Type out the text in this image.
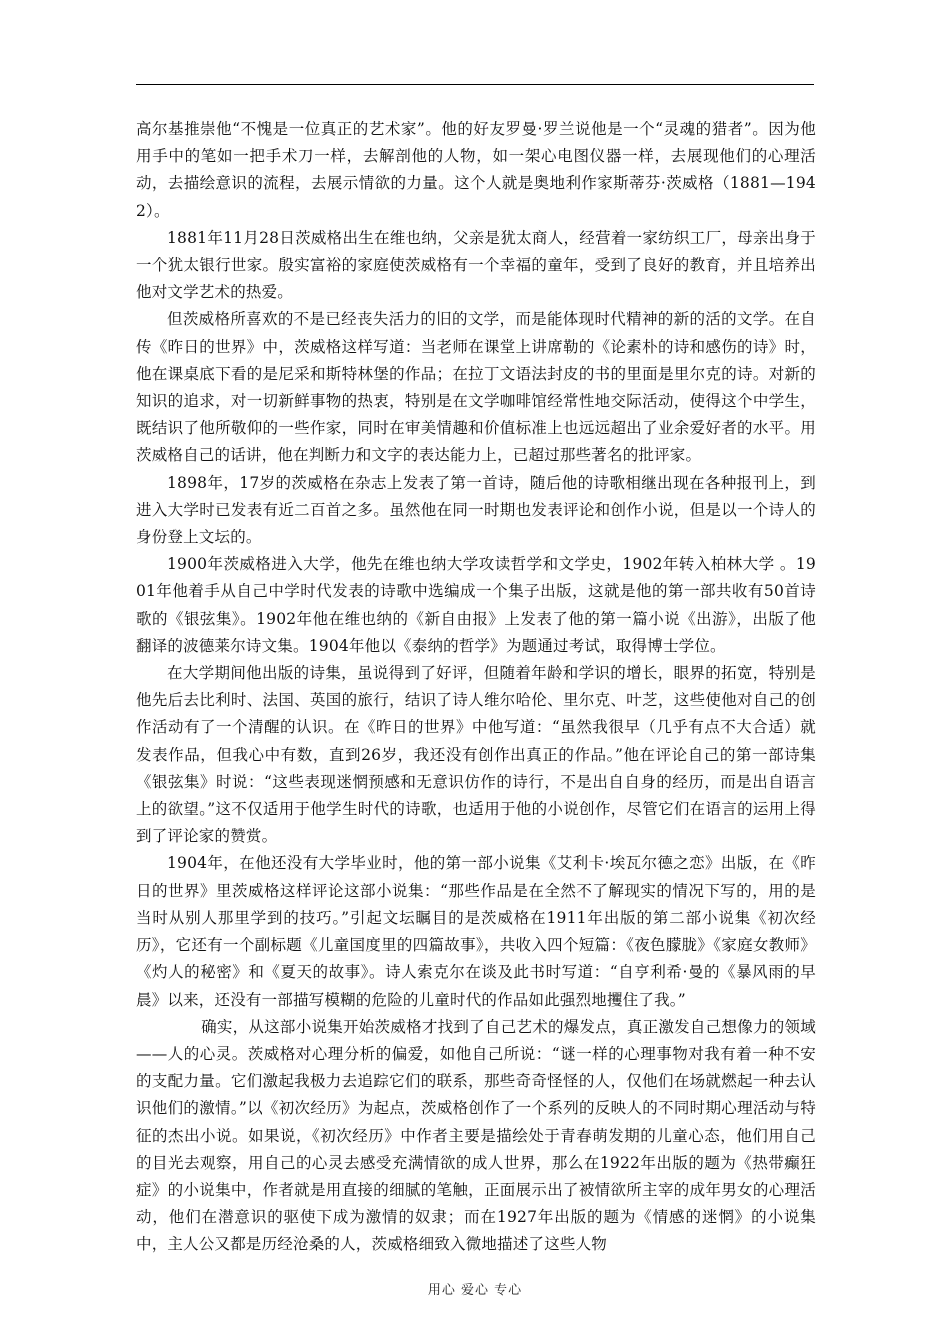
高尔基推崇他“不愧是一位真正的艺术家”。他的好友罗曼·罗兰说他是一个“灵魂的猎者”。因为他用手中的笔如一把手术刀一样，去解剖他的人物，如一架心电图仪器一样，去展现他们的心理活动，去描绘意识的流程，去展示情欲的力量。这个人就是奥地利作家斯蒂芬·茨威格（1881—1942）。

1881年11月28日茨威格出生在维也纳，父亲是犹太商人，经营着一家纺织工厂，母亲出身于一个犹太银行世家。殷实富裕的家庭使茨威格有一个幸福的童年，受到了良好的教育，并且培养出他对文学艺术的热爱。

但茨威格所喜欢的不是已经丧失活力的旧的文学，而是能体现时代精神的新的活的文学。在自传《昨日的世界》中，茨威格这样写道：当老师在课堂上讲席勒的《论素朴的诗和感伤的诗》时，他在课桌底下看的是尼采和斯特林堡的作品；在拉丁文语法封皮的书的里面是里尔克的诗。对新的知识的追求，对一切新鲜事物的热衷，特别是在文学咖啡馆经常性地交际活动，使得这个中学生，既结识了他所敬仰的一些作家，同时在审美情趣和价值标准上也远远超出了业余爱好者的水平。用茨威格自己的话讲，他在判断力和文字的表达能力上，已超过那些著名的批评家。

1898年，17岁的茨威格在杂志上发表了第一首诗，随后他的诗歌相继出现在各种报刊上，到进入大学时已发表有近二百首之多。虽然他在同一时期也发表评论和创作小说，但是以一个诗人的身份登上文坛的。

1900年茨威格进入大学，他先在维也纳大学攻读哲学和文学史，1902年转入柏林大学 。1901年他着手从自己中学时代发表的诗歌中选编成一个集子出版，这就是他的第一部共收有50首诗歌的《银弦集》。1902年他在维也纳的《新自由报》上发表了他的第一篇小说《出游》，出版了他翻译的波德莱尔诗文集。1904年他以《泰纳的哲学》为题通过考试，取得博士学位。

在大学期间他出版的诗集，虽说得到了好评，但随着年龄和学识的增长，眼界的拓宽，特别是他先后去比利时、法国、英国的旅行，结识了诗人维尔哈伦、里尔克、叶芝，这些使他对自己的创作活动有了一个清醒的认识。在《昨日的世界》中他写道：“虽然我很早（几乎有点不大合适）就发表作品，但我心中有数，直到26岁，我还没有创作出真正的作品。”他在评论自己的第一部诗集《银弦集》时说：“这些表现迷惘预感和无意识仿作的诗行，不是出自自身的经历，而是出自语言上的欲望。”这不仅适用于他学生时代的诗歌，也适用于他的小说创作，尽管它们在语言的运用上得到了评论家的赞赏。

1904年，在他还没有大学毕业时，他的第一部小说集《艾利卡·埃瓦尔德之恋》出版，在《昨日的世界》里茨威格这样评论这部小说集：“那些作品是在全然不了解现实的情况下写的，用的是当时从别人那里学到的技巧。”引起文坛瞩目的是茨威格在1911年出版的第二部小说集《初次经历》，它还有一个副标题《儿童国度里的四篇故事》，共收入四个短篇：《夜色朦胧》《家庭女教师》《灼人的秘密》和《夏天的故事》。诗人索克尔在谈及此书时写道：“自亨利希·曼的《暴风雨的早晨》以来，还没有一部描写模糊的危险的儿童时代的作品如此强烈地攫住了我。”

确实，从这部小说集开始茨威格才找到了自己艺术的爆发点，真正激发自己想像力的领域——人的心灵。茨威格对心理分析的偏爱，如他自己所说：“谜一样的心理事物对我有着一种不安的支配力量。它们激起我极力去追踪它们的联系，那些奇奇怪怪的人，仅他们在场就燃起一种去认识他们的激情。”以《初次经历》为起点，茨威格创作了一个系列的反映人的不同时期心理活动与特征的杰出小说。如果说，《初次经历》中作者主要是描绘处于青春萌发期的儿童心态，他们用自己的目光去观察，用自己的心灵去感受充满情欲的成人世界，那么在1922年出版的题为《热带癫狂症》的小说集中，作者就是用直接的细腻的笔触，正面展示出了被情欲所主宰的成年男女的心理活动，他们在潜意识的驱使下成为激情的奴隶；而在1927年出版的题为《情感的迷惘》的小说集中，主人公又都是历经沧桑的人，茨威格细致入微地描述了这些人物

用心 爱心 专心
